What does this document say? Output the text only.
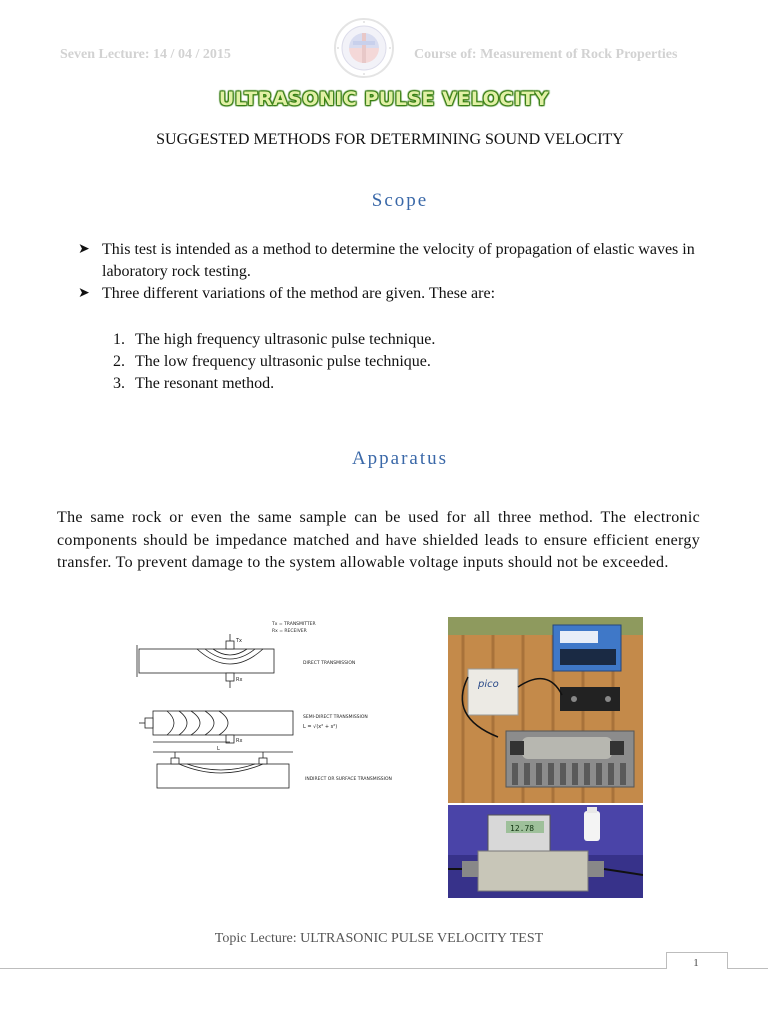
Seven Lecture: 14 / 04 / 2015	Course of: Measurement of Rock Properties
ULTRASONIC PULSE VELOCITY
SUGGESTED METHODS FOR DETERMINING SOUND VELOCITY
Scope
➤ This test is intended as a method to determine the velocity of propagation of elastic waves in laboratory rock testing.
➤ Three different variations of the method are given. These are:
1. The high frequency ultrasonic pulse technique.
2. The low frequency ultrasonic pulse technique.
3. The resonant method.
Apparatus

The same rock or even the same sample can be used for all three method. The electronic components should be impedance matched and have shielded leads to ensure efficient energy transfer. To prevent damage to the system allowable voltage inputs should not be exceeded.

Tx = TRANSMITTER
Rx = RECEIVER
Tx
Rx
DIRECT TRANSMISSION
Rx
SEMI-DIRECT TRANSMISSION
L = √(x² + s²)
L
INDIRECT OR SURFACE TRANSMISSION
pico
12.78
Topic Lecture: ULTRASONIC PULSE VELOCITY TEST
1
